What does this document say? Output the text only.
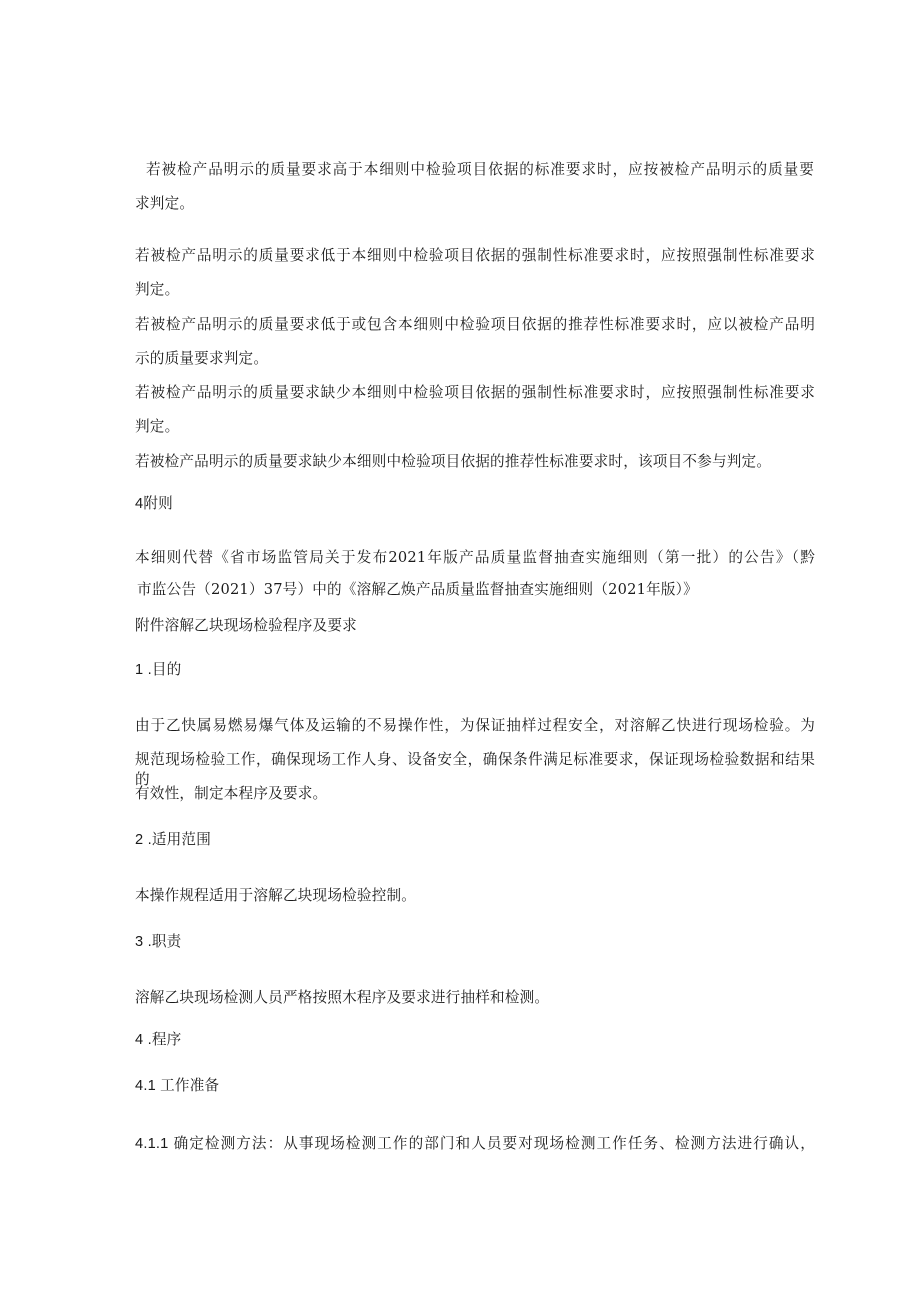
若被检产品明示的质量要求高于本细则中检验项目依据的标准要求时，应按被检产品明示的质量要
求判定。
若被检产品明示的质量要求低于本细则中检验项目依据的强制性标准要求时，应按照强制性标准要求
判定。
若被检产品明示的质量要求低于或包含本细则中检验项目依据的推荐性标准要求时，应以被检产品明
示的质量要求判定。
若被检产品明示的质量要求缺少本细则中检验项目依据的强制性标准要求时，应按照强制性标准要求
判定。
若被检产品明示的质量要求缺少本细则中检验项目依据的推荐性标准要求时，该项目不参与判定。
4附则
本细则代替《省市场监管局关于发布2021年版产品质量监督抽查实施细则（第一批）的公告》（黔
市监公告（2021）37号）中的《溶解乙焕产品质量监督抽查实施细则（2021年版）》
附件溶解乙块现场检验程序及要求
1 .目的
由于乙快属易燃易爆气体及运输的不易操作性，为保证抽样过程安全，对溶解乙快进行现场检验。为
规范现场检验工作，确保现场工作人身、设备安全，确保条件满足标准要求，保证现场检验数据和结果的
有效性，制定本程序及要求。
2 .适用范围
本操作规程适用于溶解乙块现场检验控制。
3 .职责
溶解乙块现场检测人员严格按照木程序及要求进行抽样和检测。
4 .程序
4.1 工作准备
4.1.1 确定检测方法：从事现场检测工作的部门和人员要对现场检测工作任务、检测方法进行确认，
